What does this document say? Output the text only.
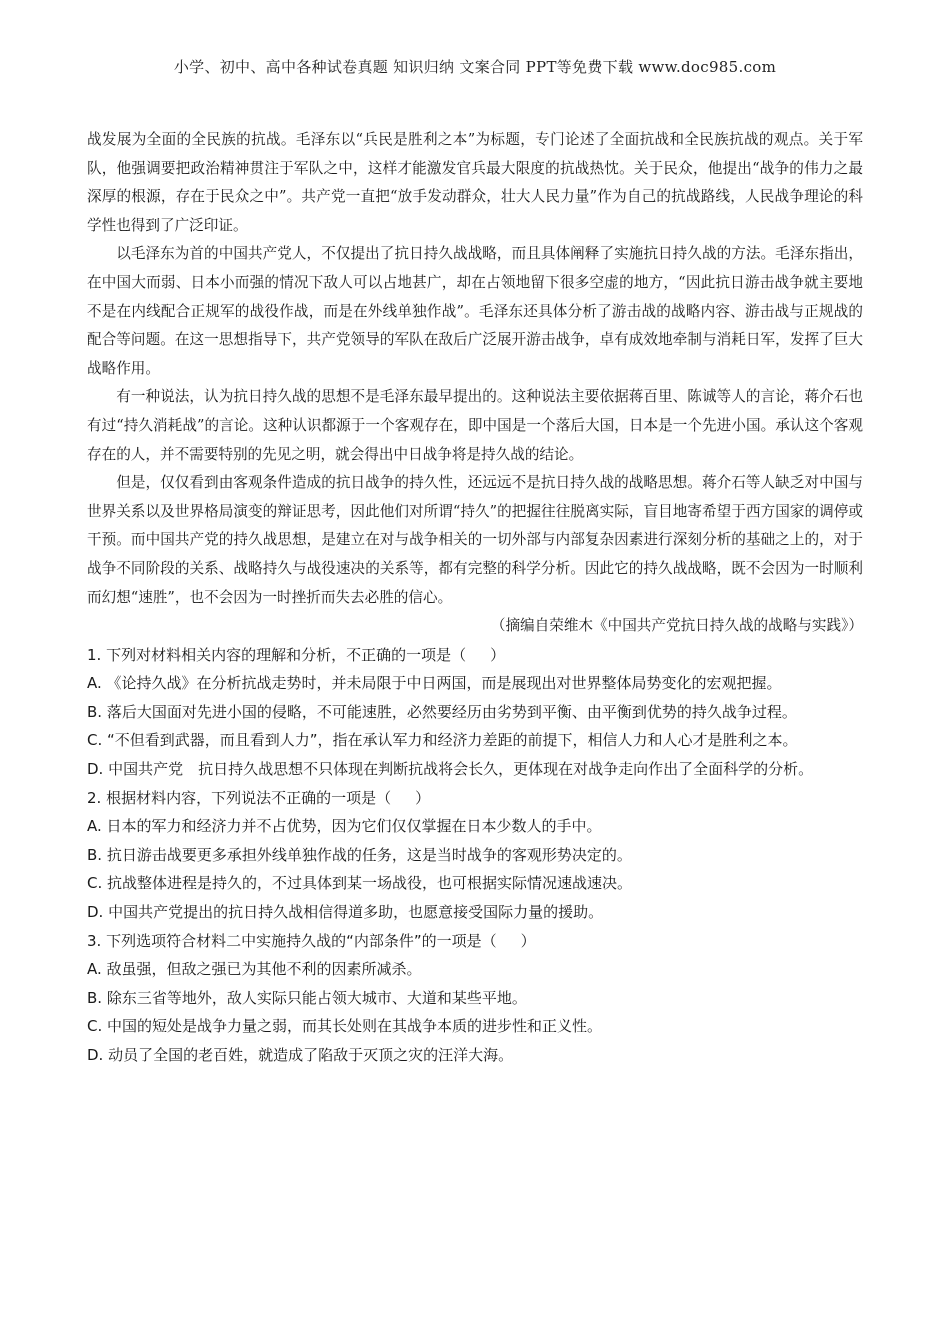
小学、初中、高中各种试卷真题 知识归纳 文案合同 PPT等免费下载 www.doc985.com

战发展为全面的全民族的抗战。毛泽东以“兵民是胜利之本”为标题，专门论述了全面抗战和全民族抗战的观点。关于军队，他强调要把政治精神贯注于军队之中，这样才能激发官兵最大限度的抗战热忱。关于民众，他提出“战争的伟力之最深厚的根源，存在于民众之中”。共产党一直把“放手发动群众，壮大人民力量”作为自己的抗战路线，人民战争理论的科学性也得到了广泛印证。

以毛泽东为首的中国共产党人，不仅提出了抗日持久战战略，而且具体阐释了实施抗日持久战的方法。毛泽东指出，在中国大而弱、日本小而强的情况下敌人可以占地甚广，却在占领地留下很多空虚的地方，“因此抗日游击战争就主要地不是在内线配合正规军的战役作战，而是在外线单独作战”。毛泽东还具体分析了游击战的战略内容、游击战与正规战的配合等问题。在这一思想指导下，共产党领导的军队在敌后广泛展开游击战争，卓有成效地牵制与消耗日军，发挥了巨大战略作用。

有一种说法，认为抗日持久战的思想不是毛泽东最早提出的。这种说法主要依据蒋百里、陈诚等人的言论，蒋介石也有过“持久消耗战”的言论。这种认识都源于一个客观存在，即中国是一个落后大国，日本是一个先进小国。承认这个客观存在的人，并不需要特别的先见之明，就会得出中日战争将是持久战的结论。

但是，仅仅看到由客观条件造成的抗日战争的持久性，还远远不是抗日持久战的战略思想。蒋介石等人缺乏对中国与世界关系以及世界格局演变的辩证思考，因此他们对所谓“持久”的把握往往脱离实际，盲目地寄希望于西方国家的调停或干预。而中国共产党的持久战思想，是建立在对与战争相关的一切外部与内部复杂因素进行深刻分析的基础之上的，对于战争不同阶段的关系、战略持久与战役速决的关系等，都有完整的科学分析。因此它的持久战战略，既不会因为一时顺利而幻想“速胜”，也不会因为一时挫折而失去必胜的信心。

（摘编自荣维木《中国共产党抗日持久战的战略与实践》）

1. 下列对材料相关内容的理解和分析，不正确的一项是（ ）

A. 《论持久战》在分析抗战走势时，并未局限于中日两国，而是展现出对世界整体局势变化的宏观把握。

B. 落后大国面对先进小国的侵略，不可能速胜，必然要经历由劣势到平衡、由平衡到优势的持久战争过程。

C. “不但看到武器，而且看到人力”，指在承认军力和经济力差距的前提下，相信人力和人心才是胜利之本。

D. 中国共产党　抗日持久战思想不只体现在判断抗战将会长久，更体现在对战争走向作出了全面科学的分析。

2. 根据材料内容，下列说法不正确的一项是（ ）

A. 日本的军力和经济力并不占优势，因为它们仅仅掌握在日本少数人的手中。

B. 抗日游击战要更多承担外线单独作战的任务，这是当时战争的客观形势决定的。

C. 抗战整体进程是持久的，不过具体到某一场战役，也可根据实际情况速战速决。

D. 中国共产党提出的抗日持久战相信得道多助，也愿意接受国际力量的援助。

3. 下列选项符合材料二中实施持久战的“内部条件”的一项是（ ）

A. 敌虽强，但敌之强已为其他不利的因素所减杀。

B. 除东三省等地外，敌人实际只能占领大城市、大道和某些平地。

C. 中国的短处是战争力量之弱，而其长处则在其战争本质的进步性和正义性。

D. 动员了全国的老百姓，就造成了陷敌于灭顶之灾的汪洋大海。
